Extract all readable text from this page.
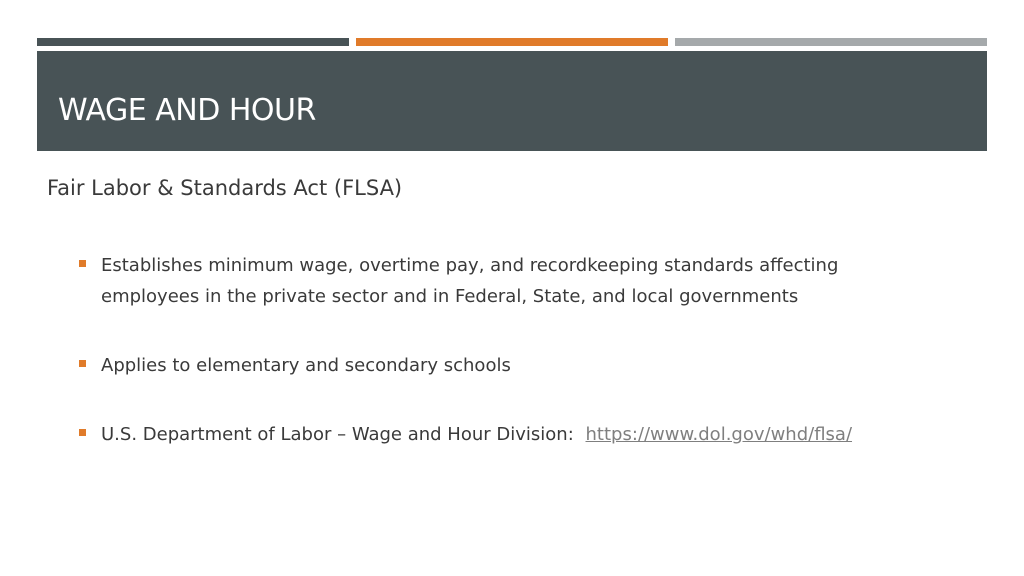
WAGE AND HOUR
Fair Labor & Standards Act (FLSA)
Establishes minimum wage, overtime pay, and recordkeeping standards affecting
employees in the private sector and in Federal, State, and local governments
Applies to elementary and secondary schools
U.S. Department of Labor – Wage and Hour Division: https://www.dol.gov/whd/flsa/
